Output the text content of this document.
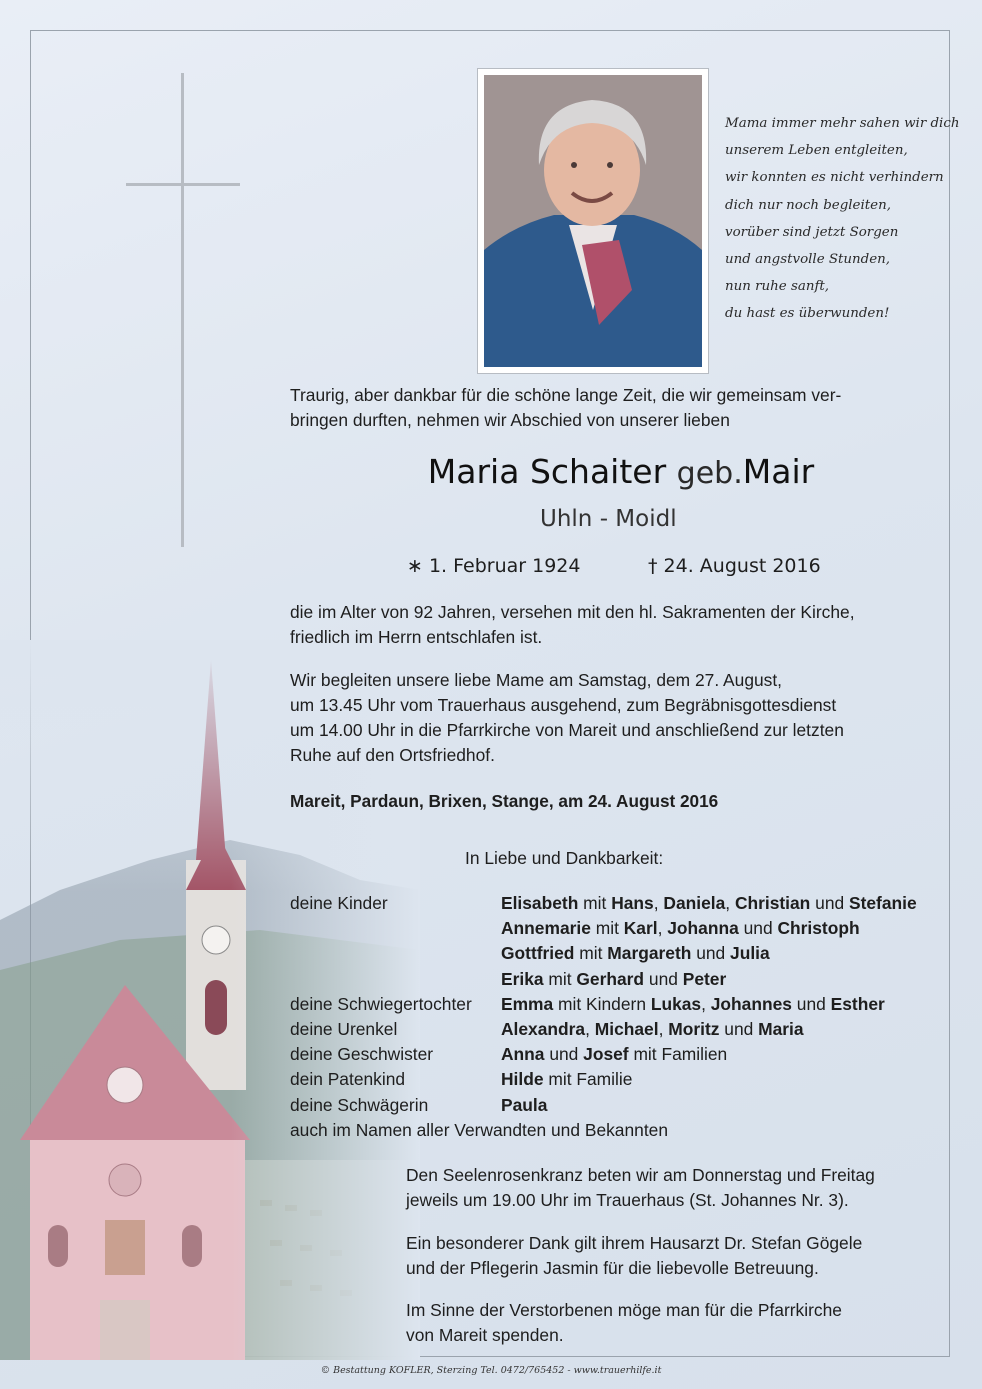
Mama immer mehr sahen wir dich
unserem Leben entgleiten,
wir konnten es nicht verhindern
dich nur noch begleiten,
vorüber sind jetzt Sorgen
und angstvolle Stunden,
nun ruhe sanft,
du hast es überwunden!
Traurig, aber dankbar für die schöne lange Zeit, die wir gemeinsam ver-
bringen durften, nehmen wir Abschied von unserer lieben
Maria Schaiter geb.Mair
Uhln - Moidl
∗ 1. Februar 1924	† 24. August 2016
die im Alter von 92 Jahren, versehen mit den hl. Sakramenten der Kirche,
friedlich im Herrn entschlafen ist.
Wir begleiten unsere liebe Mame am Samstag, dem 27. August,
um 13.45 Uhr vom Trauerhaus ausgehend, zum Begräbnisgottesdienst
um 14.00 Uhr in die Pfarrkirche von Mareit und anschließend zur letzten
Ruhe auf den Ortsfriedhof.
Mareit, Pardaun, Brixen, Stange, am 24. August 2016
In Liebe und Dankbarkeit:
deine Kinder

deine Schwiegertochter
deine Urenkel
deine Geschwister
dein Patenkind
deine Schwägerin
Elisabeth mit Hans, Daniela, Christian und Stefanie
Annemarie mit Karl, Johanna und Christoph
Gottfried mit Margareth und Julia
Erika mit Gerhard und Peter
Emma mit Kindern Lukas, Johannes und Esther
Alexandra, Michael, Moritz und Maria
Anna und Josef mit Familien
Hilde mit Familie
Paula
auch im Namen aller Verwandten und Bekannten
Den Seelenrosenkranz beten wir am Donnerstag und Freitag
jeweils um 19.00 Uhr im Trauerhaus (St. Johannes Nr. 3).
Ein besonderer Dank gilt ihrem Hausarzt Dr. Stefan Gögele
und der Pflegerin Jasmin für die liebevolle Betreuung.
Im Sinne der Verstorbenen möge man für die Pfarrkirche
von Mareit spenden.
© Bestattung KOFLER, Sterzing Tel. 0472/765452 - www.trauerhilfe.it
